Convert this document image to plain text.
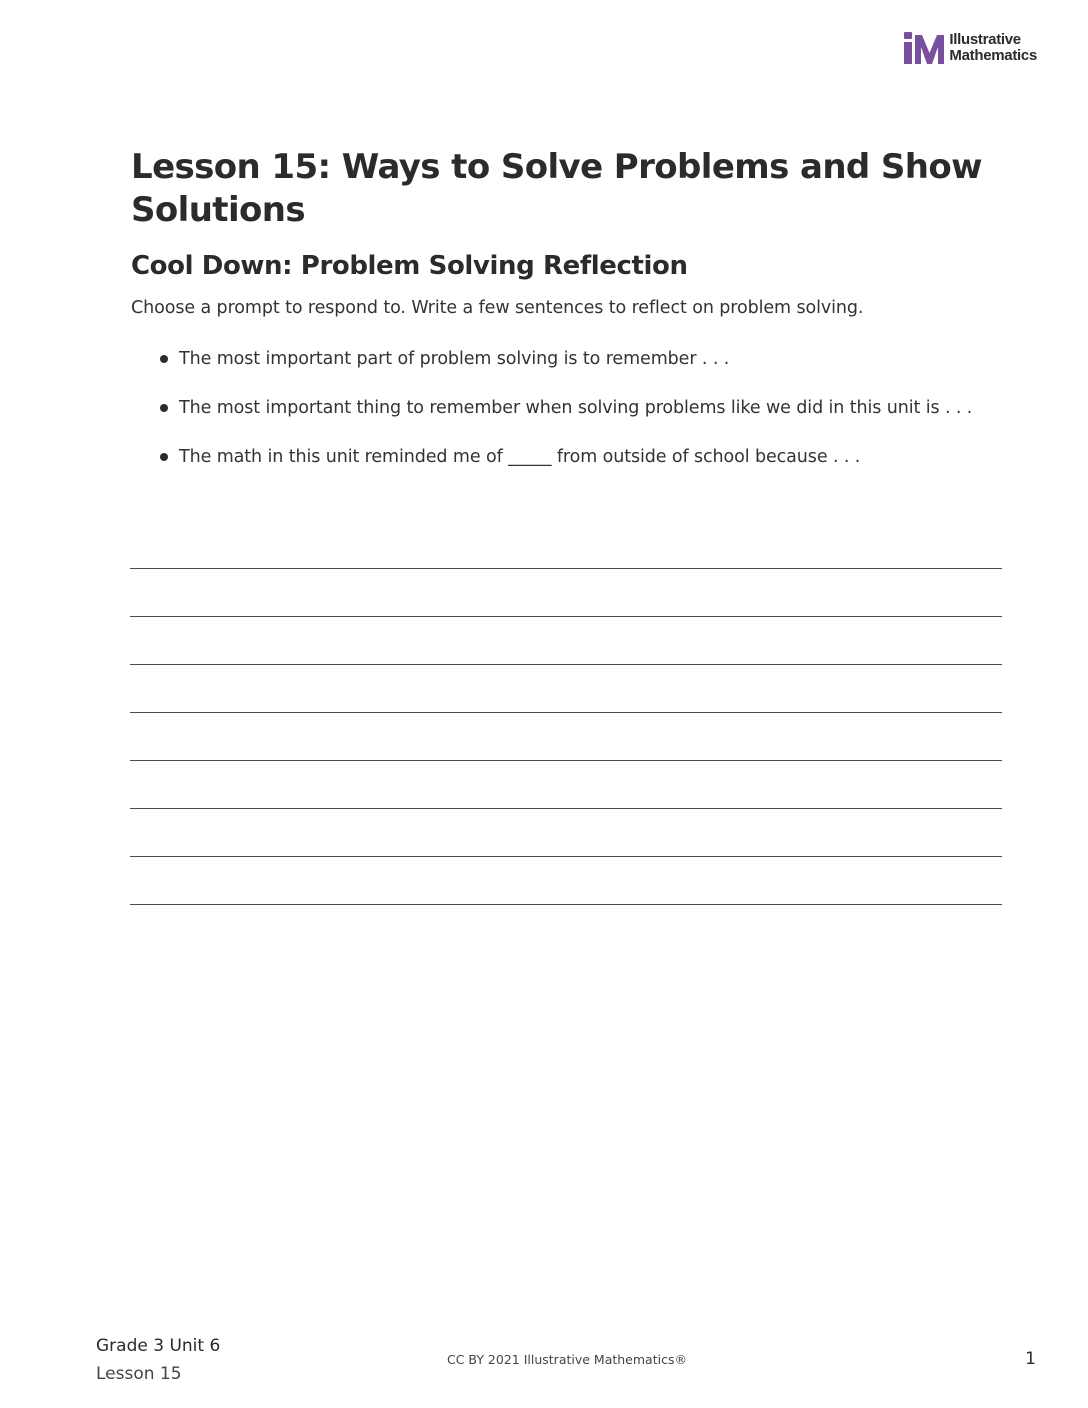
Illustrative
Mathematics
Lesson 15: Ways to Solve Problems and Show Solutions
Cool Down: Problem Solving Reflection

Choose a prompt to respond to. Write a few sentences to reflect on problem solving.

The most important part of problem solving is to remember . . .
The most important thing to remember when solving problems like we did in this unit is . . .
The math in this unit reminded me of _____ from outside of school because . . .
Grade 3 Unit 6
Lesson 15
CC BY 2021 Illustrative Mathematics®	1
